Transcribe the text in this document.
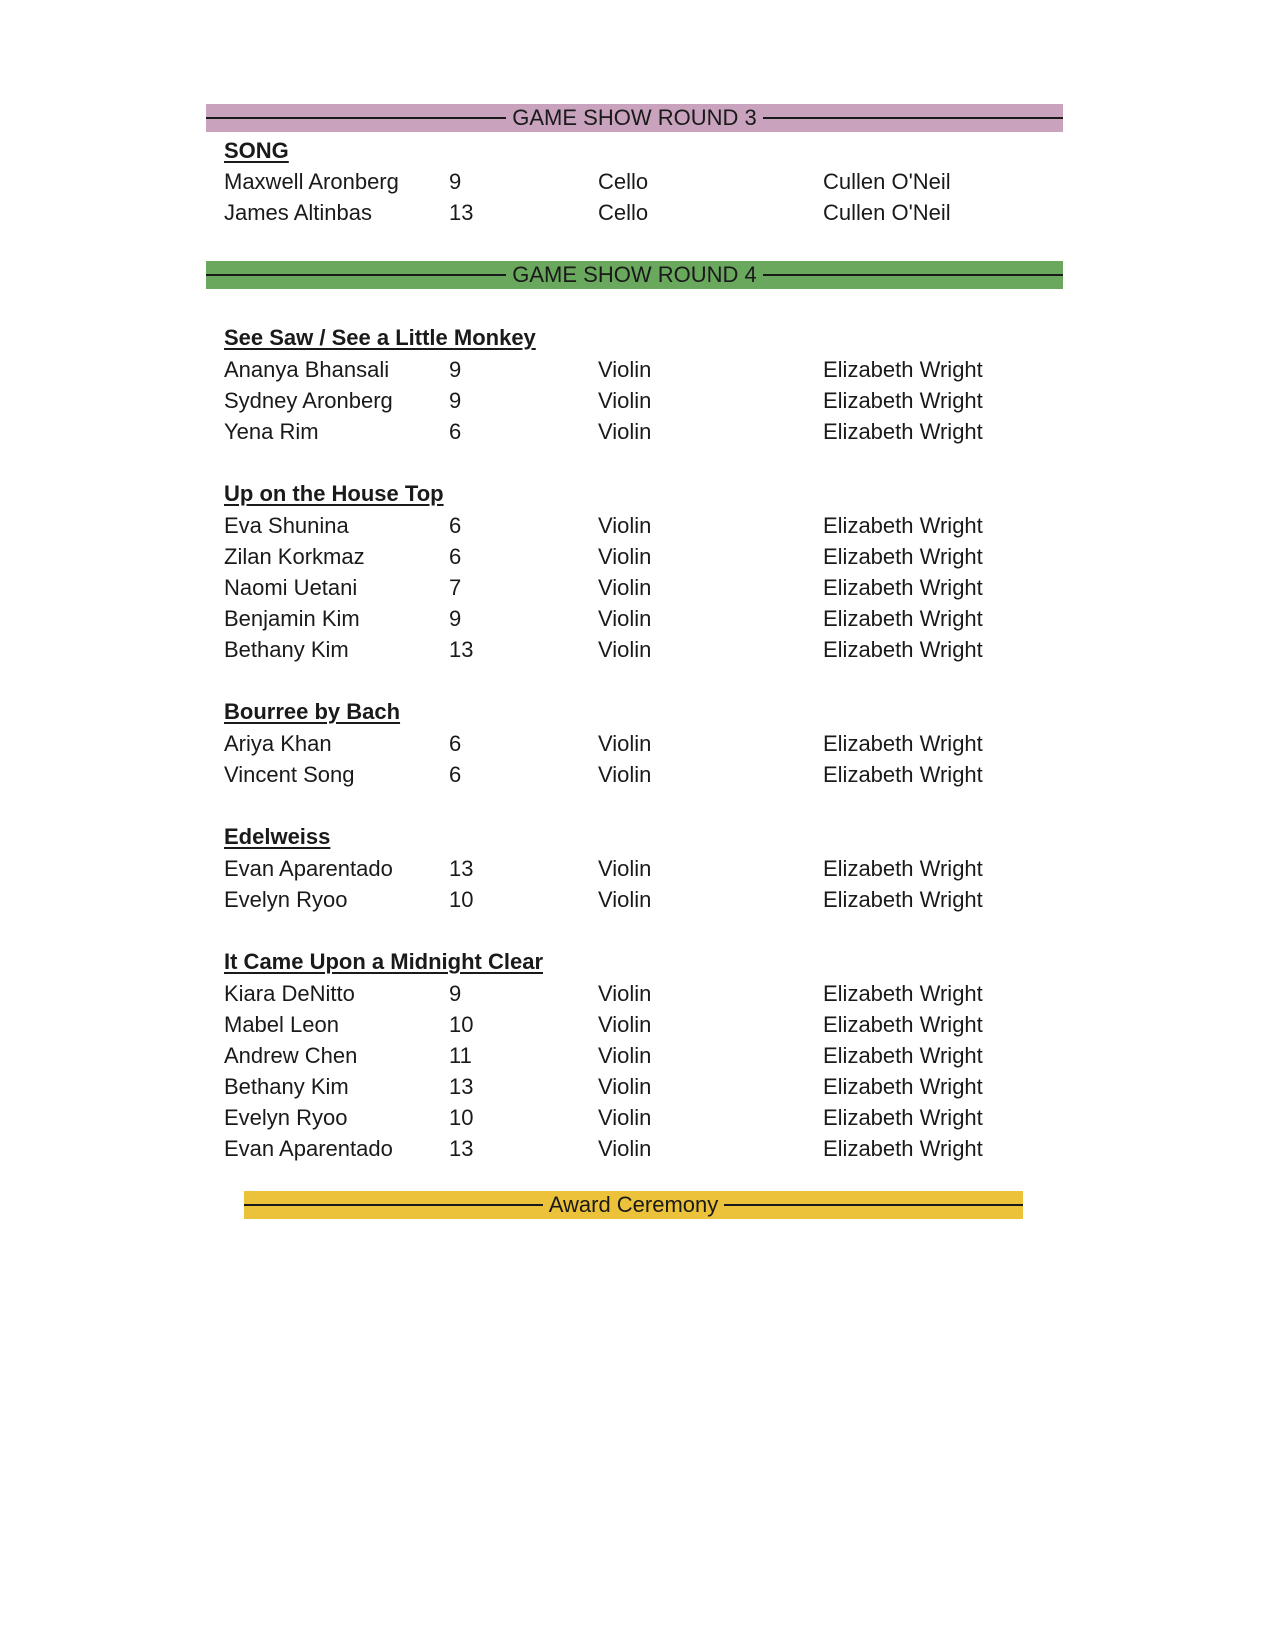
GAME SHOW ROUND 3
SONG
Maxwell Aronberg 9	Cello	Cullen O'Neil
James Altinbas	13	Cello	Cullen O'Neil
GAME SHOW ROUND 4
See Saw / See a Little Monkey
Ananya Bhansali	9	Violin	Elizabeth Wright
Sydney Aronberg	9	Violin	Elizabeth Wright
Yena Rim	6	Violin	Elizabeth Wright
Up on the House Top
Eva Shunina	6	Violin	Elizabeth Wright
Zilan Korkmaz	6	Violin	Elizabeth Wright
Naomi Uetani	7	Violin	Elizabeth Wright
Benjamin Kim	9	Violin	Elizabeth Wright
Bethany Kim	13	Violin	Elizabeth Wright
Bourree by Bach
Ariya Khan	6	Violin	Elizabeth Wright
Vincent Song	6	Violin	Elizabeth Wright
Edelweiss
Evan Aparentado	13	Violin	Elizabeth Wright
Evelyn Ryoo	10	Violin	Elizabeth Wright
It Came Upon a Midnight Clear
Kiara DeNitto	9	Violin	Elizabeth Wright
Mabel Leon	10	Violin	Elizabeth Wright
Andrew Chen	11	Violin	Elizabeth Wright
Bethany Kim	13	Violin	Elizabeth Wright
Evelyn Ryoo	10	Violin	Elizabeth Wright
Evan Aparentado	13	Violin	Elizabeth Wright
Award Ceremony
